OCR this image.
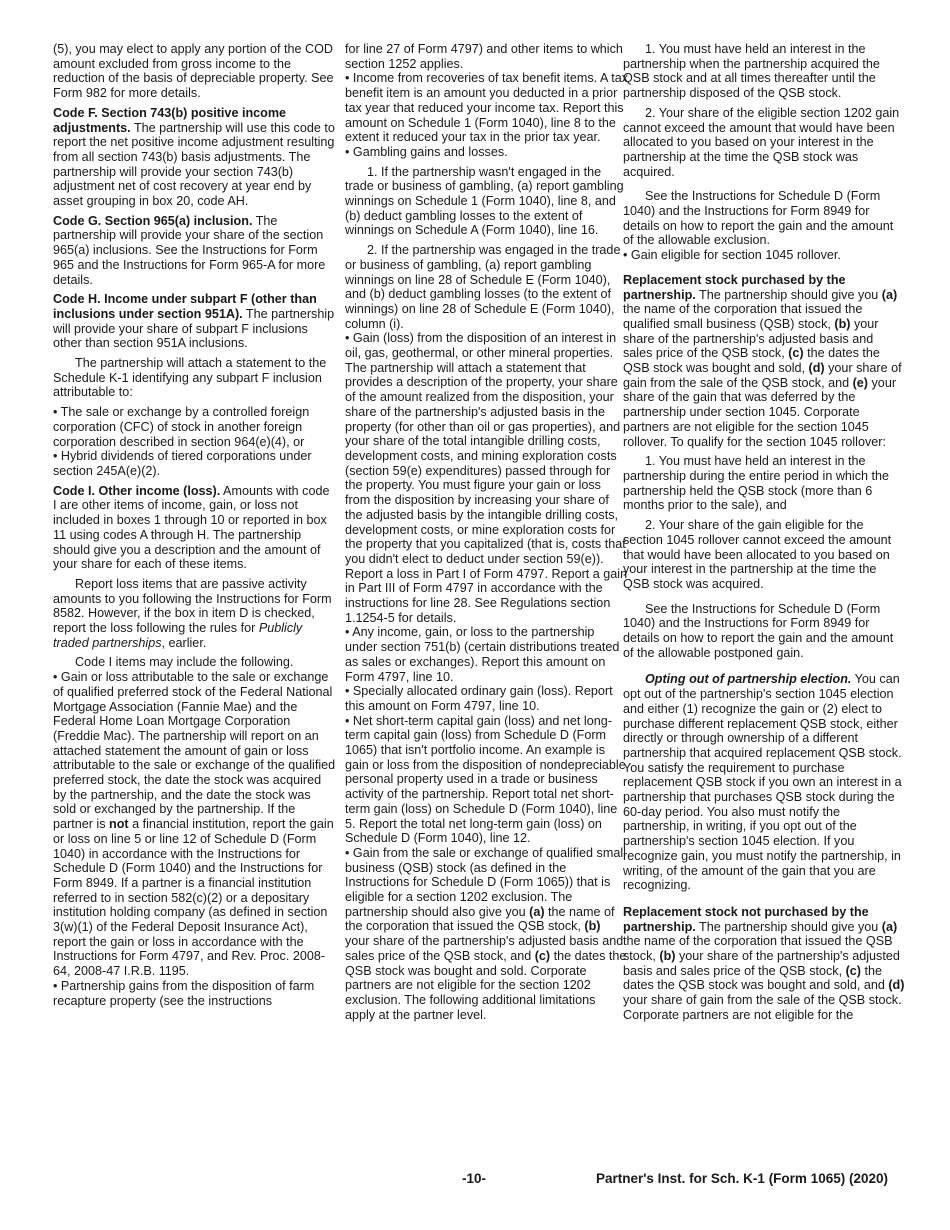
(5), you may elect to apply any portion of the COD amount excluded from gross income to the reduction of the basis of depreciable property. See Form 982 for more details.

Code F. Section 743(b) positive income adjustments. The partnership will use this code to report the net positive income adjustment resulting from all section 743(b) basis adjustments. The partnership will provide your section 743(b) adjustment net of cost recovery at year end by asset grouping in box 20, code AH.

Code G. Section 965(a) inclusion. The partnership will provide your share of the section 965(a) inclusions. See the Instructions for Form 965 and the Instructions for Form 965-A for more details.

Code H. Income under subpart F (other than inclusions under section 951A). The partnership will provide your share of subpart F inclusions other than section 951A inclusions.

The partnership will attach a statement to the Schedule K-1 identifying any subpart F inclusion attributable to:

• The sale or exchange by a controlled foreign corporation (CFC) of stock in another foreign corporation described in section 964(e)(4), or

• Hybrid dividends of tiered corporations under section 245A(e)(2).

Code I. Other income (loss). Amounts with code I are other items of income, gain, or loss not included in boxes 1 through 10 or reported in box 11 using codes A through H. The partnership should give you a description and the amount of your share for each of these items.

Report loss items that are passive activity amounts to you following the Instructions for Form 8582. However, if the box in item D is checked, report the loss following the rules for Publicly traded partnerships, earlier.

Code I items may include the following.

• Gain or loss attributable to the sale or exchange of qualified preferred stock of the Federal National Mortgage Association (Fannie Mae) and the Federal Home Loan Mortgage Corporation (Freddie Mac). The partnership will report on an attached statement the amount of gain or loss attributable to the sale or exchange of the qualified preferred stock, the date the stock was acquired by the partnership, and the date the stock was sold or exchanged by the partnership. If the partner is not a financial institution, report the gain or loss on line 5 or line 12 of Schedule D (Form 1040) in accordance with the Instructions for Schedule D (Form 1040) and the Instructions for Form 8949. If a partner is a financial institution referred to in section 582(c)(2) or a depositary institution holding company (as defined in section 3(w)(1) of the Federal Deposit Insurance Act), report the gain or loss in accordance with the Instructions for Form 4797, and Rev. Proc. 2008-64, 2008-47 I.R.B. 1195.

• Partnership gains from the disposition of farm recapture property (see the instructions

for line 27 of Form 4797) and other items to which section 1252 applies.

• Income from recoveries of tax benefit items. A tax benefit item is an amount you deducted in a prior tax year that reduced your income tax. Report this amount on Schedule 1 (Form 1040), line 8 to the extent it reduced your tax in the prior tax year.

• Gambling gains and losses.

1. If the partnership wasn't engaged in the trade or business of gambling, (a) report gambling winnings on Schedule 1 (Form 1040), line 8, and (b) deduct gambling losses to the extent of winnings on Schedule A (Form 1040), line 16.

2. If the partnership was engaged in the trade or business of gambling, (a) report gambling winnings on line 28 of Schedule E (Form 1040), and (b) deduct gambling losses (to the extent of winnings) on line 28 of Schedule E (Form 1040), column (i).

• Gain (loss) from the disposition of an interest in oil, gas, geothermal, or other mineral properties. The partnership will attach a statement that provides a description of the property, your share of the amount realized from the disposition, your share of the partnership's adjusted basis in the property (for other than oil or gas properties), and your share of the total intangible drilling costs, development costs, and mining exploration costs (section 59(e) expenditures) passed through for the property. You must figure your gain or loss from the disposition by increasing your share of the adjusted basis by the intangible drilling costs, development costs, or mine exploration costs for the property that you capitalized (that is, costs that you didn't elect to deduct under section 59(e)). Report a loss in Part I of Form 4797. Report a gain in Part III of Form 4797 in accordance with the instructions for line 28. See Regulations section 1.1254-5 for details.

• Any income, gain, or loss to the partnership under section 751(b) (certain distributions treated as sales or exchanges). Report this amount on Form 4797, line 10.

• Specially allocated ordinary gain (loss). Report this amount on Form 4797, line 10.

• Net short-term capital gain (loss) and net long-term capital gain (loss) from Schedule D (Form 1065) that isn't portfolio income. An example is gain or loss from the disposition of nondepreciable personal property used in a trade or business activity of the partnership. Report total net short-term gain (loss) on Schedule D (Form 1040), line 5. Report the total net long-term gain (loss) on Schedule D (Form 1040), line 12.

• Gain from the sale or exchange of qualified small business (QSB) stock (as defined in the Instructions for Schedule D (Form 1065)) that is eligible for a section 1202 exclusion. The partnership should also give you (a) the name of the corporation that issued the QSB stock, (b) your share of the partnership's adjusted basis and sales price of the QSB stock, and (c) the dates the QSB stock was bought and sold. Corporate partners are not eligible for the section 1202 exclusion. The following additional limitations apply at the partner level.

1. You must have held an interest in the partnership when the partnership acquired the QSB stock and at all times thereafter until the partnership disposed of the QSB stock.

2. Your share of the eligible section 1202 gain cannot exceed the amount that would have been allocated to you based on your interest in the partnership at the time the QSB stock was acquired.

See the Instructions for Schedule D (Form 1040) and the Instructions for Form 8949 for details on how to report the gain and the amount of the allowable exclusion.

• Gain eligible for section 1045 rollover.

Replacement stock purchased by the partnership. The partnership should give you (a) the name of the corporation that issued the qualified small business (QSB) stock, (b) your share of the partnership's adjusted basis and sales price of the QSB stock, (c) the dates the QSB stock was bought and sold, (d) your share of gain from the sale of the QSB stock, and (e) your share of the gain that was deferred by the partnership under section 1045. Corporate partners are not eligible for the section 1045 rollover. To qualify for the section 1045 rollover:

1. You must have held an interest in the partnership during the entire period in which the partnership held the QSB stock (more than 6 months prior to the sale), and

2. Your share of the gain eligible for the section 1045 rollover cannot exceed the amount that would have been allocated to you based on your interest in the partnership at the time the QSB stock was acquired.

See the Instructions for Schedule D (Form 1040) and the Instructions for Form 8949 for details on how to report the gain and the amount of the allowable postponed gain.

Opting out of partnership election. You can opt out of the partnership's section 1045 election and either (1) recognize the gain or (2) elect to purchase different replacement QSB stock, either directly or through ownership of a different partnership that acquired replacement QSB stock. You satisfy the requirement to purchase replacement QSB stock if you own an interest in a partnership that purchases QSB stock during the 60-day period. You also must notify the partnership, in writing, if you opt out of the partnership's section 1045 election. If you recognize gain, you must notify the partnership, in writing, of the amount of the gain that you are recognizing.

Replacement stock not purchased by the partnership. The partnership should give you (a) the name of the corporation that issued the QSB stock, (b) your share of the partnership's adjusted basis and sales price of the QSB stock, (c) the dates the QSB stock was bought and sold, and (d) your share of gain from the sale of the QSB stock. Corporate partners are not eligible for the

-10-	Partner's Inst. for Sch. K-1 (Form 1065) (2020)
